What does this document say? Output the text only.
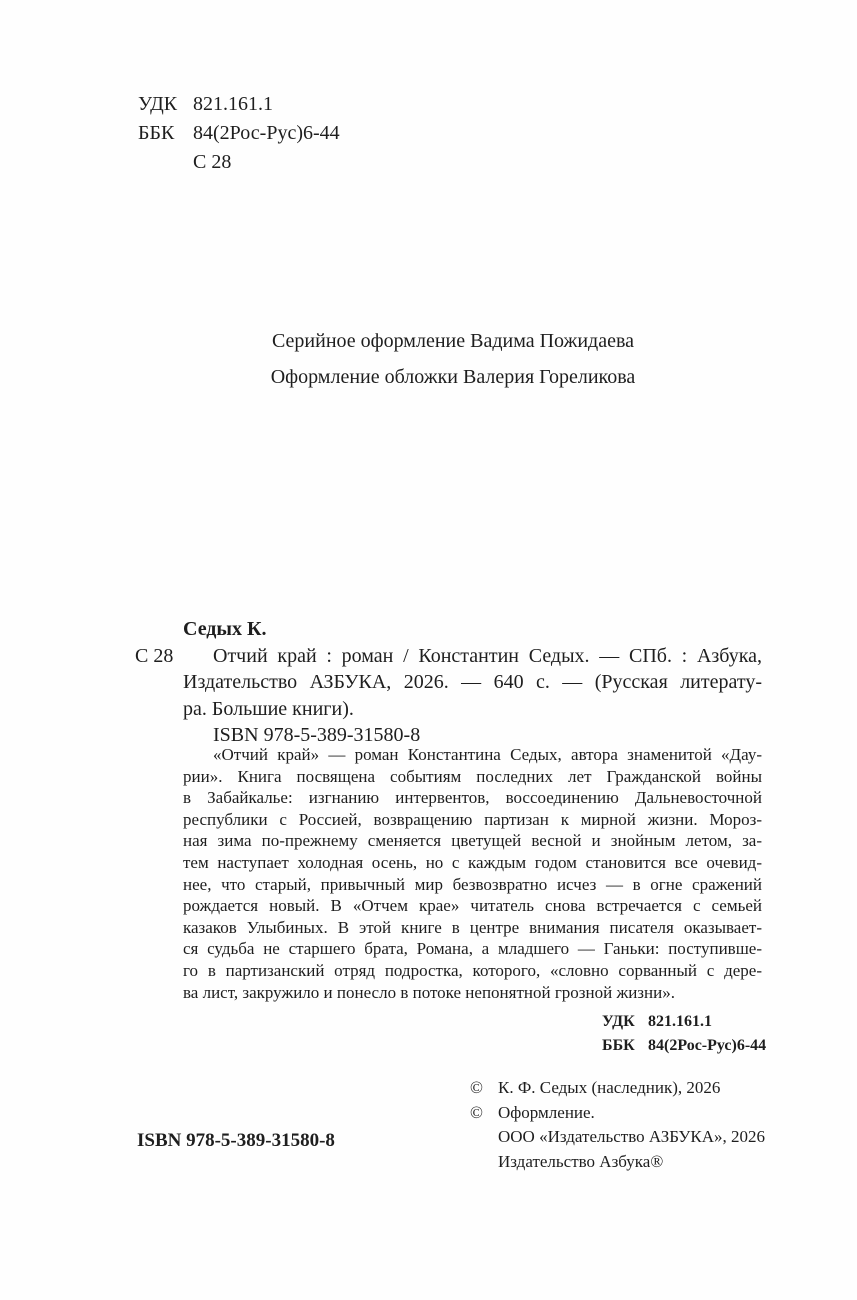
УДК 821.161.1
ББК 84(2Рос-Рус)6-44
С 28
Серийное оформление Вадима Пожидаева
Оформление обложки Валерия Гореликова
Седых К.
С 28	Отчий край : роман / Константин Седых. — СПб. : Азбука,
Издательство АЗБУКА, 2026. — 640 с. — (Русская литерату-
ра. Большие книги).
ISBN 978-5-389-31580-8
«Отчий край» — роман Константина Седых, автора знаменитой «Дау-
рии». Книга посвящена событиям последних лет Гражданской войны
в Забайкалье: изгнанию интервентов, воссоединению Дальневосточной
республики с Россией, возвращению партизан к мирной жизни. Мороз-
ная зима по-прежнему сменяется цветущей весной и знойным летом, за-
тем наступает холодная осень, но с каждым годом становится все очевид-
нее, что старый, привычный мир безвозвратно исчез — в огне сражений
рождается новый. В «Отчем крае» читатель снова встречается с семьей
казаков Улыбиных. В этой книге в центре внимания писателя оказывает-
ся судьба не старшего брата, Романа, а младшего — Ганьки: поступивше-
го в партизанский отряд подростка, которого, «словно сорванный с дере-
ва лист, закружило и понесло в потоке непонятной грозной жизни».
УДК 821.161.1
ББК 84(2Рос-Рус)6-44
© К. Ф. Седых (наследник), 2026
© Оформление.
ООО «Издательство АЗБУКА», 2026
Издательство Азбука®
ISBN 978-5-389-31580-8
